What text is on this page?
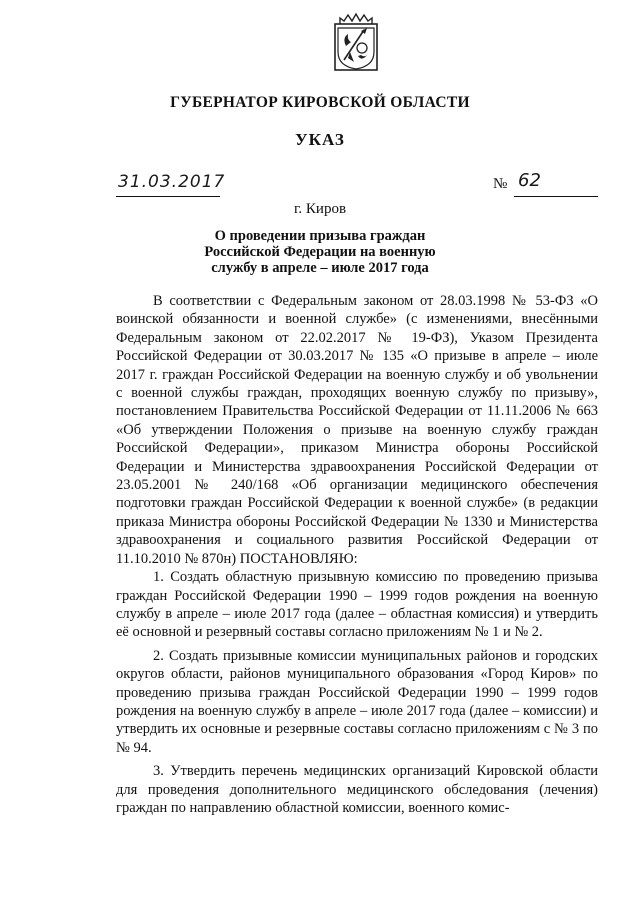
ГУБЕРНАТОР КИРОВСКОЙ ОБЛАСТИ
УКАЗ
31.03.2017	№ 62
г. Киров
О проведении призыва граждан
Российской Федерации на военную
службу в апреле – июле 2017 года

В соответствии с Федеральным законом от 28.03.1998 № 53-ФЗ «О воинской обязанности и военной службе» (с изменениями, внесёнными Федеральным законом от 22.02.2017 № 19-ФЗ), Указом Президента Российской Федерации от 30.03.2017 № 135 «О призыве в апреле – июле 2017 г. граждан Российской Федерации на военную службу и об увольнении с военной службы граждан, проходящих военную службу по призыву», постановлением Правительства Российской Федерации от 11.11.2006 № 663 «Об утверждении Положения о призыве на военную службу граждан Российской Федерации», приказом Министра обороны Российской Федерации и Министерства здравоохранения Российской Федерации от 23.05.2001 № 240/168 «Об организации медицинского обеспечения подготовки граждан Российской Федерации к военной службе» (в редакции приказа Министра обороны Российской Федерации № 1330 и Министерства здравоохранения и социального развития Российской Федерации от 11.10.2010 № 870н) ПОСТАНОВЛЯЮ:

1. Создать областную призывную комиссию по проведению призыва граждан Российской Федерации 1990 – 1999 годов рождения на военную службу в апреле – июле 2017 года (далее – областная комиссия) и утвердить её основной и резервный составы согласно приложениям № 1 и № 2.

2. Создать призывные комиссии муниципальных районов и городских округов области, районов муниципального образования «Город Киров» по проведению призыва граждан Российской Федерации 1990 – 1999 годов рождения на военную службу в апреле – июле 2017 года (далее – комиссии) и утвердить их основные и резервные составы согласно приложениям с № 3 по № 94.

3. Утвердить перечень медицинских организаций Кировской области для проведения дополнительного медицинского обследования (лечения) граждан по направлению областной комиссии, военного комис-
